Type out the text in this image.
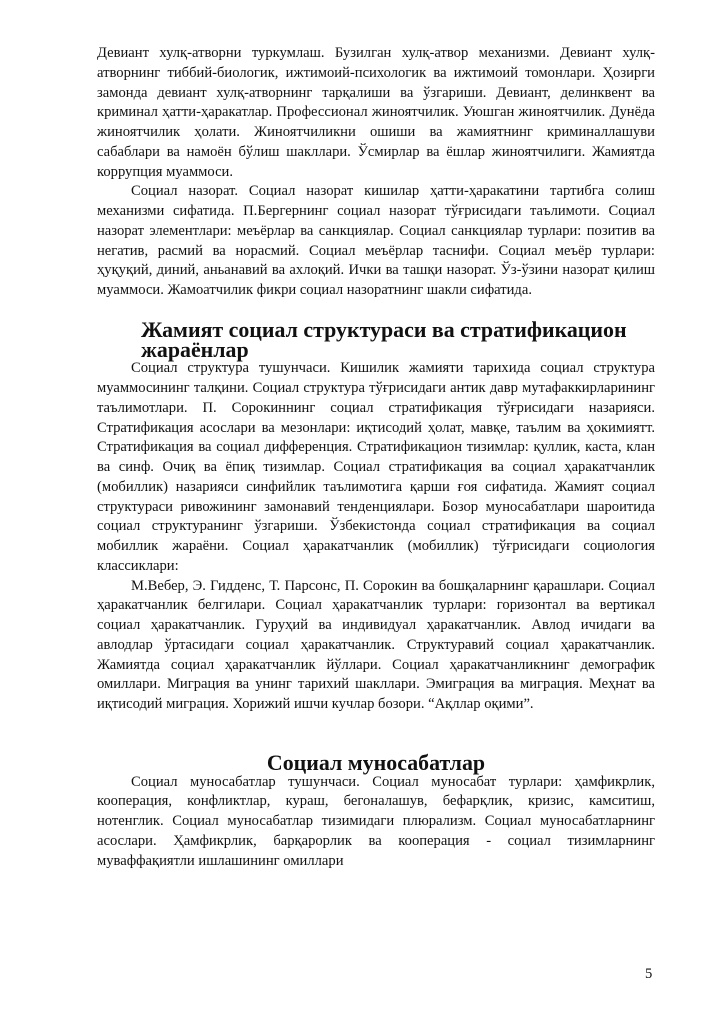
Девиант хулқ-атворни туркумлаш. Бузилган хулқ-атвор механизми. Девиант хулқ-атворнинг тиббий-биологик, ижтимоий-психологик ва ижтимоий томонлари. Ҳозирги замонда девиант хулқ-атворнинг тарқалиши ва ўзгариши. Девиант, делинквент ва криминал ҳатти-ҳаракатлар. Профессионал жиноятчилик. Уюшган жиноятчилик. Дунёда жиноятчилик ҳолати. Жиноятчиликни ошиши ва жамиятнинг криминаллашуви сабаблари ва намоён бўлиш шакллари. Ўсмирлар ва ёшлар жиноятчилиги. Жамиятда коррупция муаммоси.

Социал назорат. Социал назорат кишилар ҳатти-ҳаракатини тартибга солиш механизми сифатида. П.Бергернинг социал назорат тўғрисидаги таълимоти. Социал назорат элементлари: меъёрлар ва санкциялар. Социал санкциялар турлари: позитив ва негатив, расмий ва норасмий. Социал меъёрлар таснифи. Социал меъёр турлари: ҳуқуқий, диний, аньанавий ва ахлоқий. Ички ва ташқи назорат. Ўз-ўзини назорат қилиш муаммоси. Жамоатчилик фикри социал назоратнинг шакли сифатида.

Жамият социал структураси ва стратификацион жараёнлар

Социал структура тушунчаси. Кишилик жамияти тарихида социал структура муаммосининг талқини. Социал структура тўғрисидаги антик давр мутафаккирларининг таълимотлари. П. Сорокиннинг социал стратификация тўғрисидаги назарияси. Стратификация асослари ва мезонлари: иқтисодий ҳолат, мавқе, таълим ва ҳокимиятт. Стратификация ва социал дифференция. Стратификацион тизимлар: қуллик, каста, клан ва синф. Очиқ ва ёпиқ тизимлар. Социал стратификация ва социал ҳаракатчанлик (мобиллик) назарияси синфийлик таълимотига қарши ғоя сифатида. Жамият социал структураси ривожининг замонавий тенденциялари. Бозор муносабатлари шароитида социал структуранинг ўзгариши. Ўзбекистонда социал стратификация ва социал мобиллик жараёни. Социал ҳаракатчанлик (мобиллик) тўғрисидаги социология классиклари:

М.Вебер, Э. Гидденс, Т. Парсонс, П. Сорокин ва бошқаларнинг қарашлари. Социал ҳаракатчанлик белгилари. Социал ҳаракатчанлик турлари: горизонтал ва вертикал социал ҳаракатчанлик. Гуруҳий ва индивидуал ҳаракатчанлик. Авлод ичидаги ва авлодлар ўртасидаги социал ҳаракатчанлик. Структуравий социал ҳаракатчанлик. Жамиятда социал ҳаракатчанлик йўллари. Социал ҳаракатчанликнинг демографик омиллари. Миграция ва унинг тарихий шакллари. Эмиграция ва миграция. Меҳнат ва иқтисодий миграция. Хорижий ишчи кучлар бозори. “Ақллар оқими”.

Социал муносабатлар

Социал муносабатлар тушунчаси. Социал муносабат турлари: ҳамфикрлик, кооперация, конфликтлар, кураш, бегоналашув, бефарқлик, кризис, камситиш, нотенглик. Социал муносабатлар тизимидаги плюрализм. Социал муносабатларнинг асослари. Ҳамфикрлик, барқарорлик ва кооперация - социал тизимларнинг муваффақиятли ишлашининг омиллари

5
